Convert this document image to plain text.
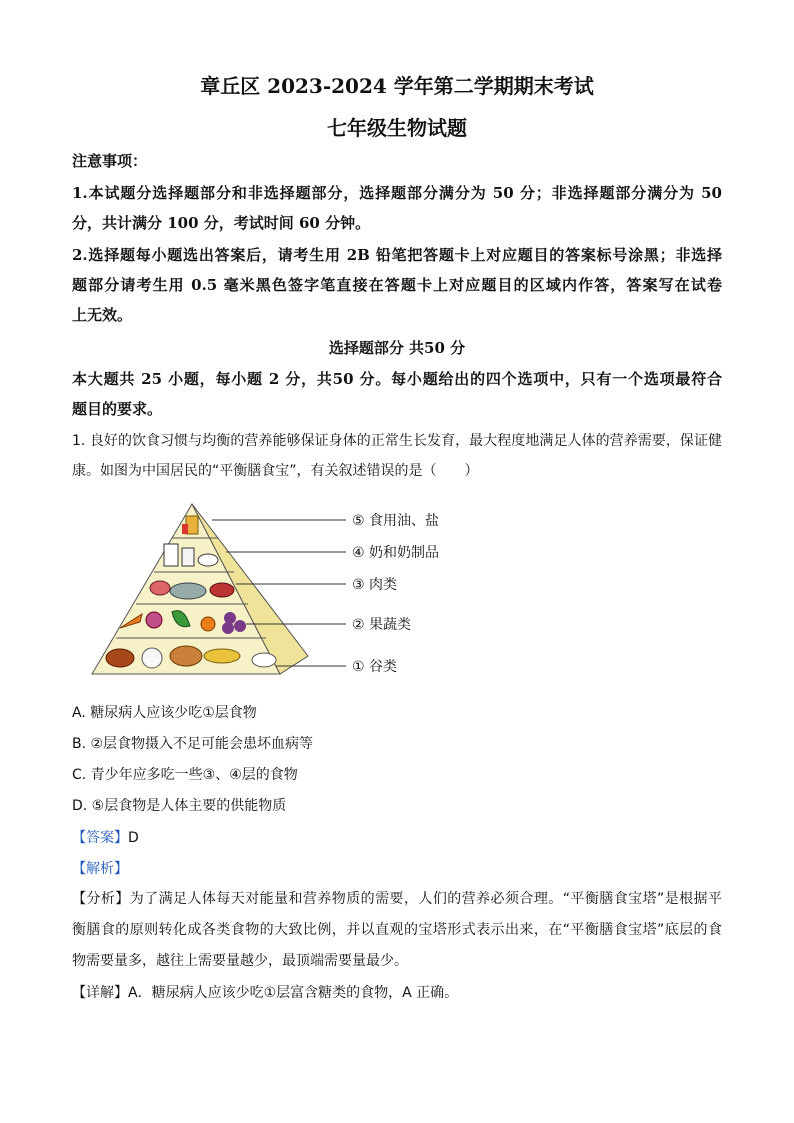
章丘区 2023-2024 学年第二学期期末考试
七年级生物试题
注意事项：
1.本试题分选择题部分和非选择题部分，选择题部分满分为 50 分；非选择题部分满分为 50
分，共计满分 100 分，考试时间 60 分钟。
2.选择题每小题选出答案后，请考生用 2B 铅笔把答题卡上对应题目的答案标号涂黑；非选择
题部分请考生用 0.5 毫米黑色签字笔直接在答题卡上对应题目的区域内作答，答案写在试卷
上无效。
选择题部分 共50 分
本大题共 25 小题，每小题 2 分，共50 分。每小题给出的四个选项中，只有一个选项最符合
题目的要求。
1. 良好的饮食习惯与均衡的营养能够保证身体的正常生长发育，最大程度地满足人体的营养需要，保证健
康。如图为中国居民的“平衡膳食宝”，有关叙述错误的是（　　）
⑤ 食用油、盐
④ 奶和奶制品
③ 肉类
② 果蔬类
① 谷类
A. 糖尿病人应该少吃①层食物
B. ②层食物摄入不足可能会患坏血病等
C. 青少年应多吃一些③、④层的食物
D. ⑤层食物是人体主要的供能物质
【答案】D
【解析】
【分析】为了满足人体每天对能量和营养物质的需要，人们的营养必须合理。“平衡膳食宝塔”是根据平
衡膳食的原则转化成各类食物的大致比例，并以直观的宝塔形式表示出来，在“平衡膳食宝塔”底层的食
物需要量多，越往上需要量越少，最顶端需要量最少。
【详解】A．糖尿病人应该少吃①层富含糖类的食物，A 正确。
